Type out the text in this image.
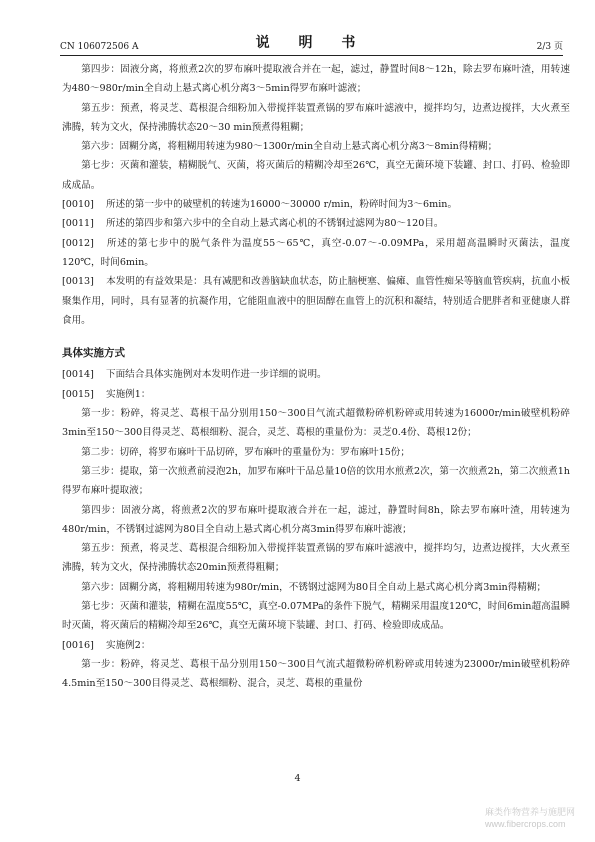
CN 106072506 A	说 明 书	2/3 页

第四步：固液分离，将煎煮2次的罗布麻叶提取液合并在一起，滤过，静置时间8～12h，除去罗布麻叶渣，用转速为480～980r/min全自动上悬式离心机分离3～5min得罗布麻叶滤液；

第五步：预煮，将灵芝、葛根混合细粉加入带搅拌装置煮锅的罗布麻叶滤液中，搅拌均匀，边煮边搅拌，大火煮至沸腾，转为文火，保持沸腾状态20～30 min预煮得粗糊；

第六步：固糊分离，将粗糊用转速为980～1300r/min全自动上悬式离心机分离3～8min得精糊；

第七步：灭菌和灌装，精糊脱气、灭菌，将灭菌后的精糊冷却至26℃，真空无菌环境下装罐、封口、打码、检验即成成品。

[0010] 所述的第一步中的破壁机的转速为16000～30000 r/min，粉碎时间为3～6min。

[0011] 所述的第四步和第六步中的全自动上悬式离心机的不锈钢过滤网为80～120目。

[0012] 所述的第七步中的脱气条件为温度55～65℃，真空-0.07～-0.09MPa，采用超高温瞬时灭菌法，温度120℃，时间6min。

[0013] 本发明的有益效果是：具有减肥和改善脑缺血状态，防止脑梗塞、偏瘫、血管性痴呆等脑血管疾病，抗血小板聚集作用，同时，具有显著的抗凝作用，它能阻血液中的胆固醇在血管上的沉积和凝结，特别适合肥胖者和亚健康人群食用。

具体实施方式

[0014] 下面结合具体实施例对本发明作进一步详细的说明。

[0015] 实施例1：

第一步：粉碎，将灵芝、葛根干品分别用150～300目气流式超微粉碎机粉碎或用转速为16000r/min破壁机粉碎3min至150～300目得灵芝、葛根细粉、混合，灵芝、葛根的重量份为：灵芝0.4份、葛根12份；

第二步：切碎，将罗布麻叶干品切碎，罗布麻叶的重量份为：罗布麻叶15份；

第三步：提取，第一次煎煮前浸泡2h，加罗布麻叶干品总量10倍的饮用水煎煮2次，第一次煎煮2h，第二次煎煮1h得罗布麻叶提取液；

第四步：固液分离，将煎煮2次的罗布麻叶提取液合并在一起，滤过，静置时间8h，除去罗布麻叶渣，用转速为480r/min，不锈钢过滤网为80目全自动上悬式离心机分离3min得罗布麻叶滤液；

第五步：预煮，将灵芝、葛根混合细粉加入带搅拌装置煮锅的罗布麻叶滤液中，搅拌均匀，边煮边搅拌，大火煮至沸腾，转为文火，保持沸腾状态20min预煮得粗糊；

第六步：固糊分离，将粗糊用转速为980r/min，不锈钢过滤网为80目全自动上悬式离心机分离3min得精糊；

第七步：灭菌和灌装，精糊在温度55℃，真空-0.07MPa的条件下脱气，精糊采用温度120℃，时间6min超高温瞬时灭菌，将灭菌后的精糊冷却至26℃，真空无菌环境下装罐、封口、打码、检验即成成品。

[0016] 实施例2：

第一步：粉碎，将灵芝、葛根干品分别用150～300目气流式超微粉碎机粉碎或用转速为23000r/min破壁机粉碎4.5min至150～300目得灵芝、葛根细粉、混合，灵芝、葛根的重量份

4
麻类作物营养与施肥网
www.fibercrops.com
